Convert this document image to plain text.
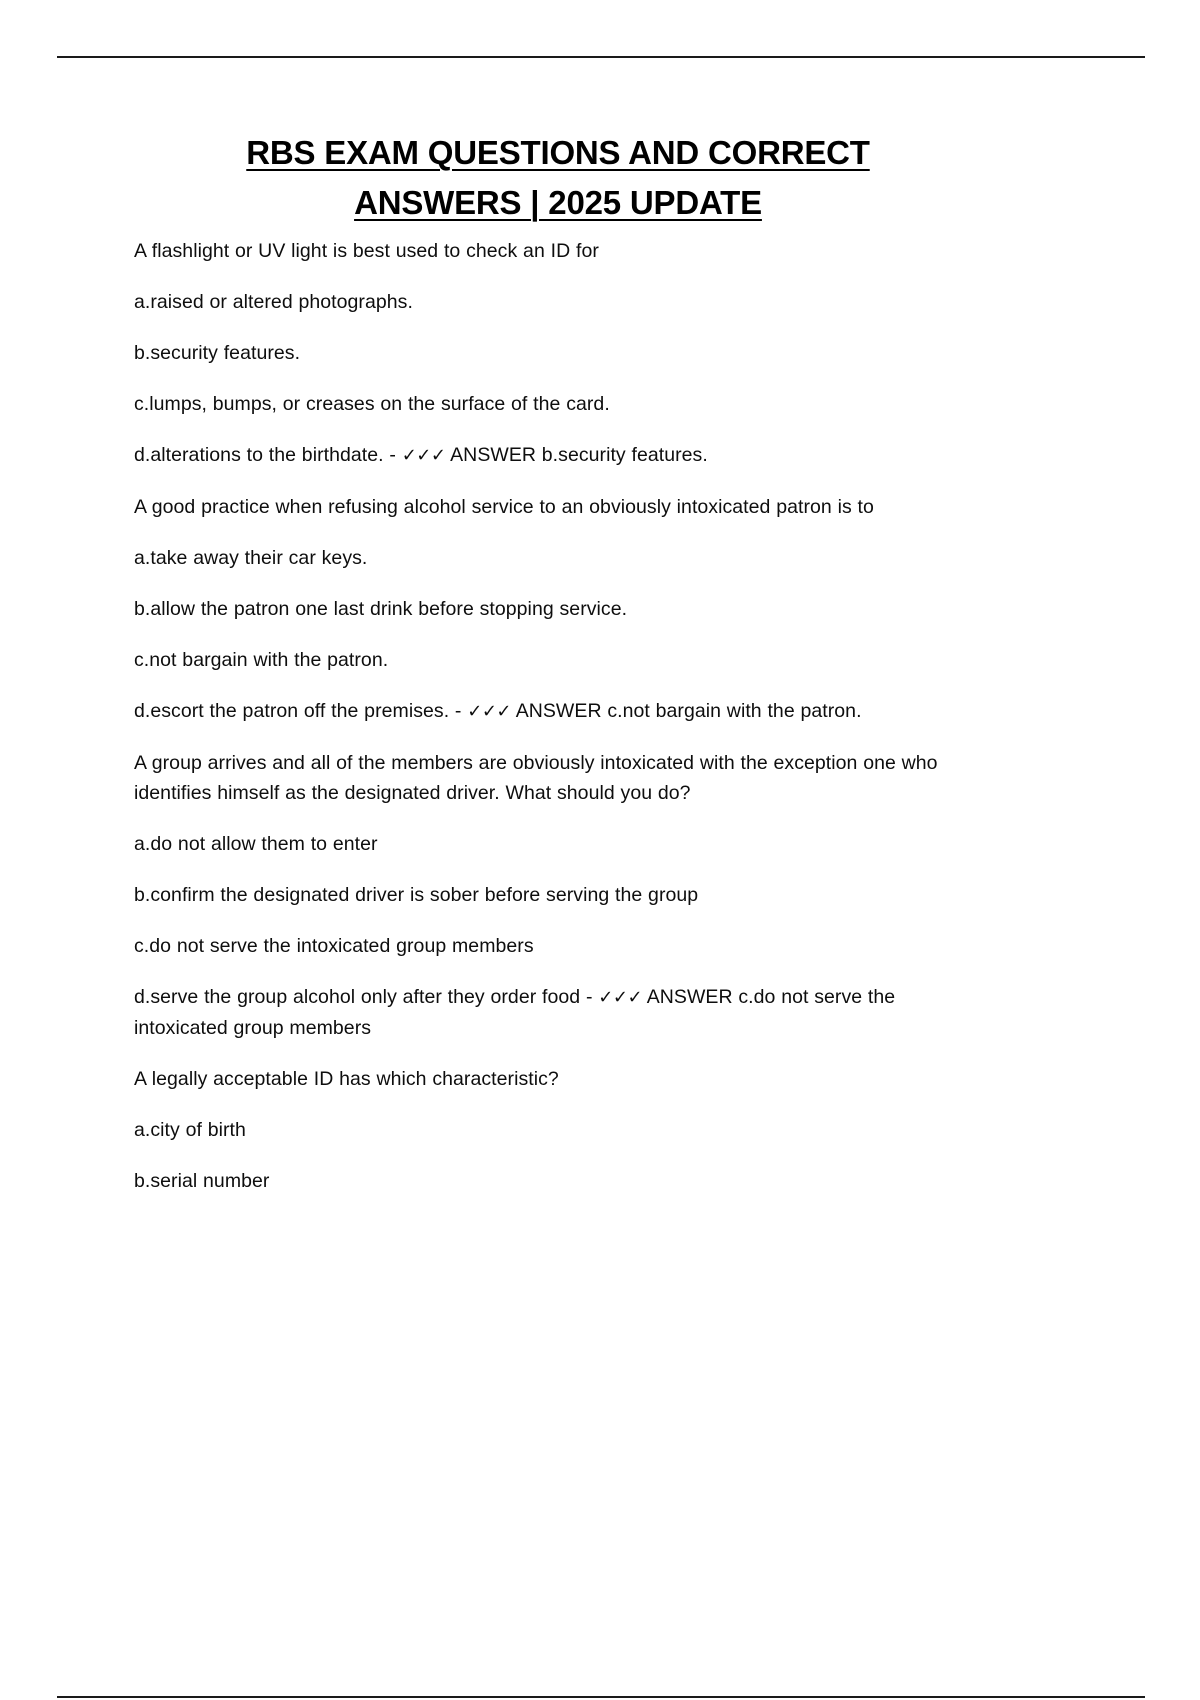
RBS EXAM QUESTIONS AND CORRECT
ANSWERS | 2025 UPDATE

A flashlight or UV light is best used to check an ID for

a.raised or altered photographs.

b.security features.

c.lumps, bumps, or creases on the surface of the card.

d.alterations to the birthdate. - ✓✓✓ ANSWER b.security features.

A good practice when refusing alcohol service to an obviously intoxicated patron is to

a.take away their car keys.

b.allow the patron one last drink before stopping service.

c.not bargain with the patron.

d.escort the patron off the premises. - ✓✓✓ ANSWER c.not bargain with the patron.

A group arrives and all of the members are obviously intoxicated with the exception one who identifies himself as the designated driver. What should you do?

a.do not allow them to enter

b.confirm the designated driver is sober before serving the group

c.do not serve the intoxicated group members

d.serve the group alcohol only after they order food - ✓✓✓ ANSWER c.do not serve the intoxicated group members

A legally acceptable ID has which characteristic?

a.city of birth

b.serial number
